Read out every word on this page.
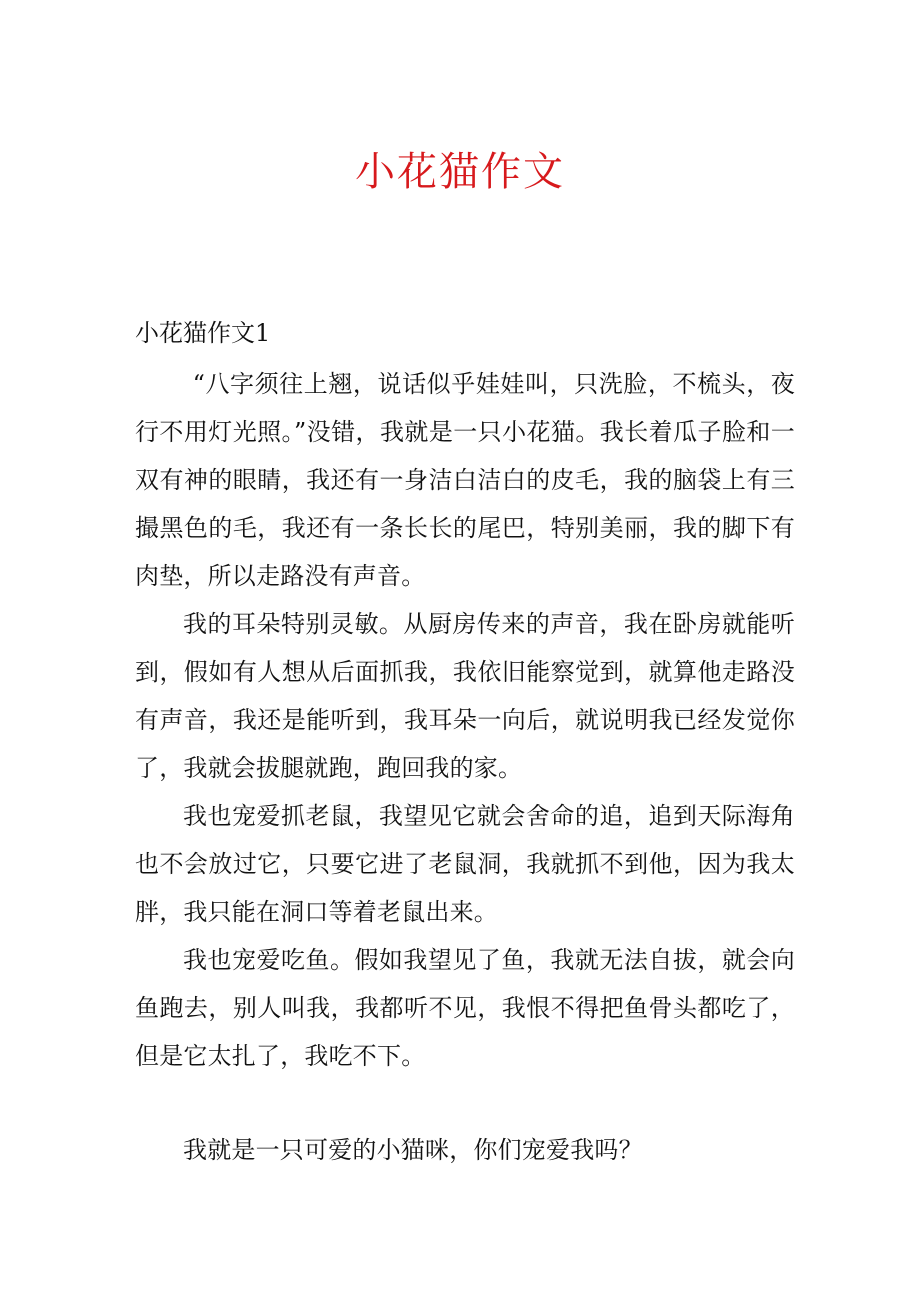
小花猫作文
小花猫作文1

“八字须往上翘，说话似乎娃娃叫，只洗脸，不梳头，夜行不用灯光照。”没错，我就是一只小花猫。我长着瓜子脸和一双有神的眼睛，我还有一身洁白洁白的皮毛，我的脑袋上有三撮黑色的毛，我还有一条长长的尾巴，特别美丽，我的脚下有肉垫，所以走路没有声音。

我的耳朵特别灵敏。从厨房传来的声音，我在卧房就能听到，假如有人想从后面抓我，我依旧能察觉到，就算他走路没有声音，我还是能听到，我耳朵一向后，就说明我已经发觉你了，我就会拔腿就跑，跑回我的家。

我也宠爱抓老鼠，我望见它就会舍命的追，追到天际海角也不会放过它，只要它进了老鼠洞，我就抓不到他，因为我太胖，我只能在洞口等着老鼠出来。

我也宠爱吃鱼。假如我望见了鱼，我就无法自拔，就会向鱼跑去，别人叫我，我都听不见，我恨不得把鱼骨头都吃了，但是它太扎了，我吃不下。

我就是一只可爱的小猫咪，你们宠爱我吗？
